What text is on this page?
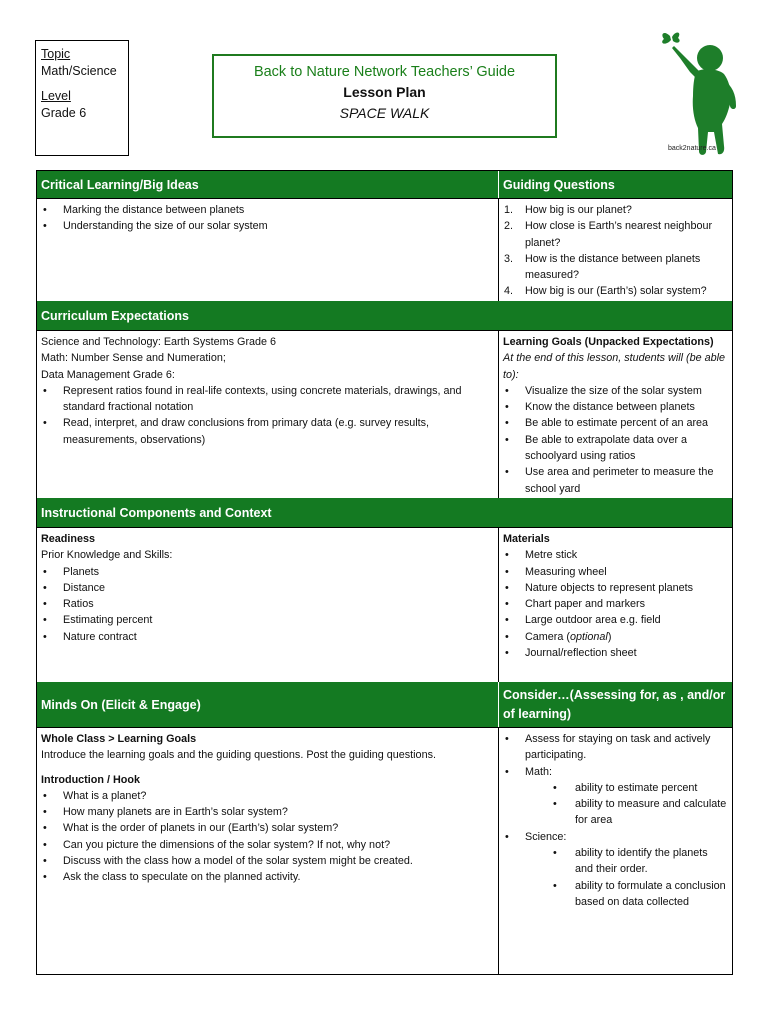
Topic
Math/Science
Level
Grade 6
Back to Nature Network Teachers’ Guide
Lesson Plan
SPACE WALK
back2nature.ca
Critical Learning/Big Ideas	Guiding Questions
• Marking the distance between planets
• Understanding the size of our solar system
1. How big is our planet?
2. How close is Earth’s nearest neighbour planet?
3. How is the distance between planets measured?
4. How big is our (Earth’s) solar system?
Curriculum Expectations
Science and Technology: Earth Systems Grade 6
Math: Number Sense and Numeration;
Data Management Grade 6:
• Represent ratios found in real-life contexts, using concrete materials, drawings, and standard fractional notation
• Read, interpret, and draw conclusions from primary data (e.g. survey results, measurements, observations)
Learning Goals (Unpacked Expectations)
At the end of this lesson, students will (be able to):
• Visualize the size of the solar system
• Know the distance between planets
• Be able to estimate percent of an area
• Be able to extrapolate data over a schoolyard using ratios
• Use area and perimeter to measure the school yard
Instructional Components and Context
Readiness
Prior Knowledge and Skills:
• Planets
• Distance
• Ratios
• Estimating percent
• Nature contract
Materials
• Metre stick
• Measuring wheel
• Nature objects to represent planets
• Chart paper and markers
• Large outdoor area e.g. field
• Camera (optional)
• Journal/reflection sheet
Minds On (Elicit & Engage)
Consider…(Assessing for, as , and/or of learning)
Whole Class > Learning Goals
Introduce the learning goals and the guiding questions. Post the guiding questions.
Introduction / Hook
• What is a planet?
• How many planets are in Earth’s solar system?
• What is the order of planets in our (Earth’s) solar system?
• Can you picture the dimensions of the solar system? If not, why not?
• Discuss with the class how a model of the solar system might be created.
• Ask the class to speculate on the planned activity.
• Assess for staying on task and actively participating.
• Math:
• ability to estimate percent
• ability to measure and calculate for area
• Science:
• ability to identify the planets and their order.
• ability to formulate a conclusion based on data collected
